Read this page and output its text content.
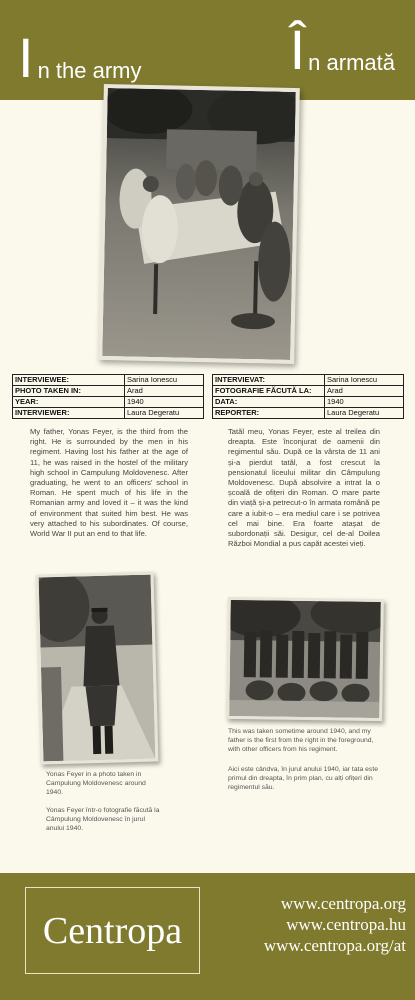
I n the army	Î n armată
INTERVIEWEE:	Sarina Ionescu
PHOTO TAKEN IN:	Arad
YEAR:	1940
INTERVIEWER:	Laura Degeratu
INTERVIEVAT:	Sarina Ionescu
FOTOGRAFIE FĂCUTĂ LA:	Arad
DATA:	1940
REPORTER:	Laura Degeratu

My father, Yonas Feyer, is the third from the right. He is surrounded by the men in his regiment. Having lost his father at the age of 11, he was raised in the hostel of the military high school in Campulung Moldovenesc. After graduating, he went to an officers' school in Roman. He spent much of his life in the Romanian army and loved it – it was the kind of environment that suited him best. He was very attached to his subordinates. Of course, World War II put an end to that life.

Tatăl meu, Yonas Feyer, este al treilea din dreapta. Este înconjurat de oamenii din regimentul său. După ce la vârsta de 11 ani și-a pierdut tatăl, a fost crescut la pensionatul liceului militar din Câmpulung Moldovenesc. După absolvire a intrat la o școală de ofițeri din Roman. O mare parte din viață și-a petrecut-o în armata română pe care a iubit-o – era mediul care i se potrivea cel mai bine. Era foarte atașat de subordonații săi. Desigur, cel de-al Doilea Război Mondial a pus capăt acestei vieți.

Yonas Feyer in a photo taken in Campulung Moldovenesc around 1940.

Yonas Feyer într-o fotografie făcută la Câmpulung Moldovenesc în jurul anului 1940.

This was taken sometime around 1940, and my father is the first from the right in the foreground, with other officers from his regiment.

Aici este cândva, în jurul anului 1940, iar tata este primul din dreapta, în prim plan, cu alți ofițeri din regimentul său.

Centropa
www.centropa.org
www.centropa.hu
www.centropa.org/at
